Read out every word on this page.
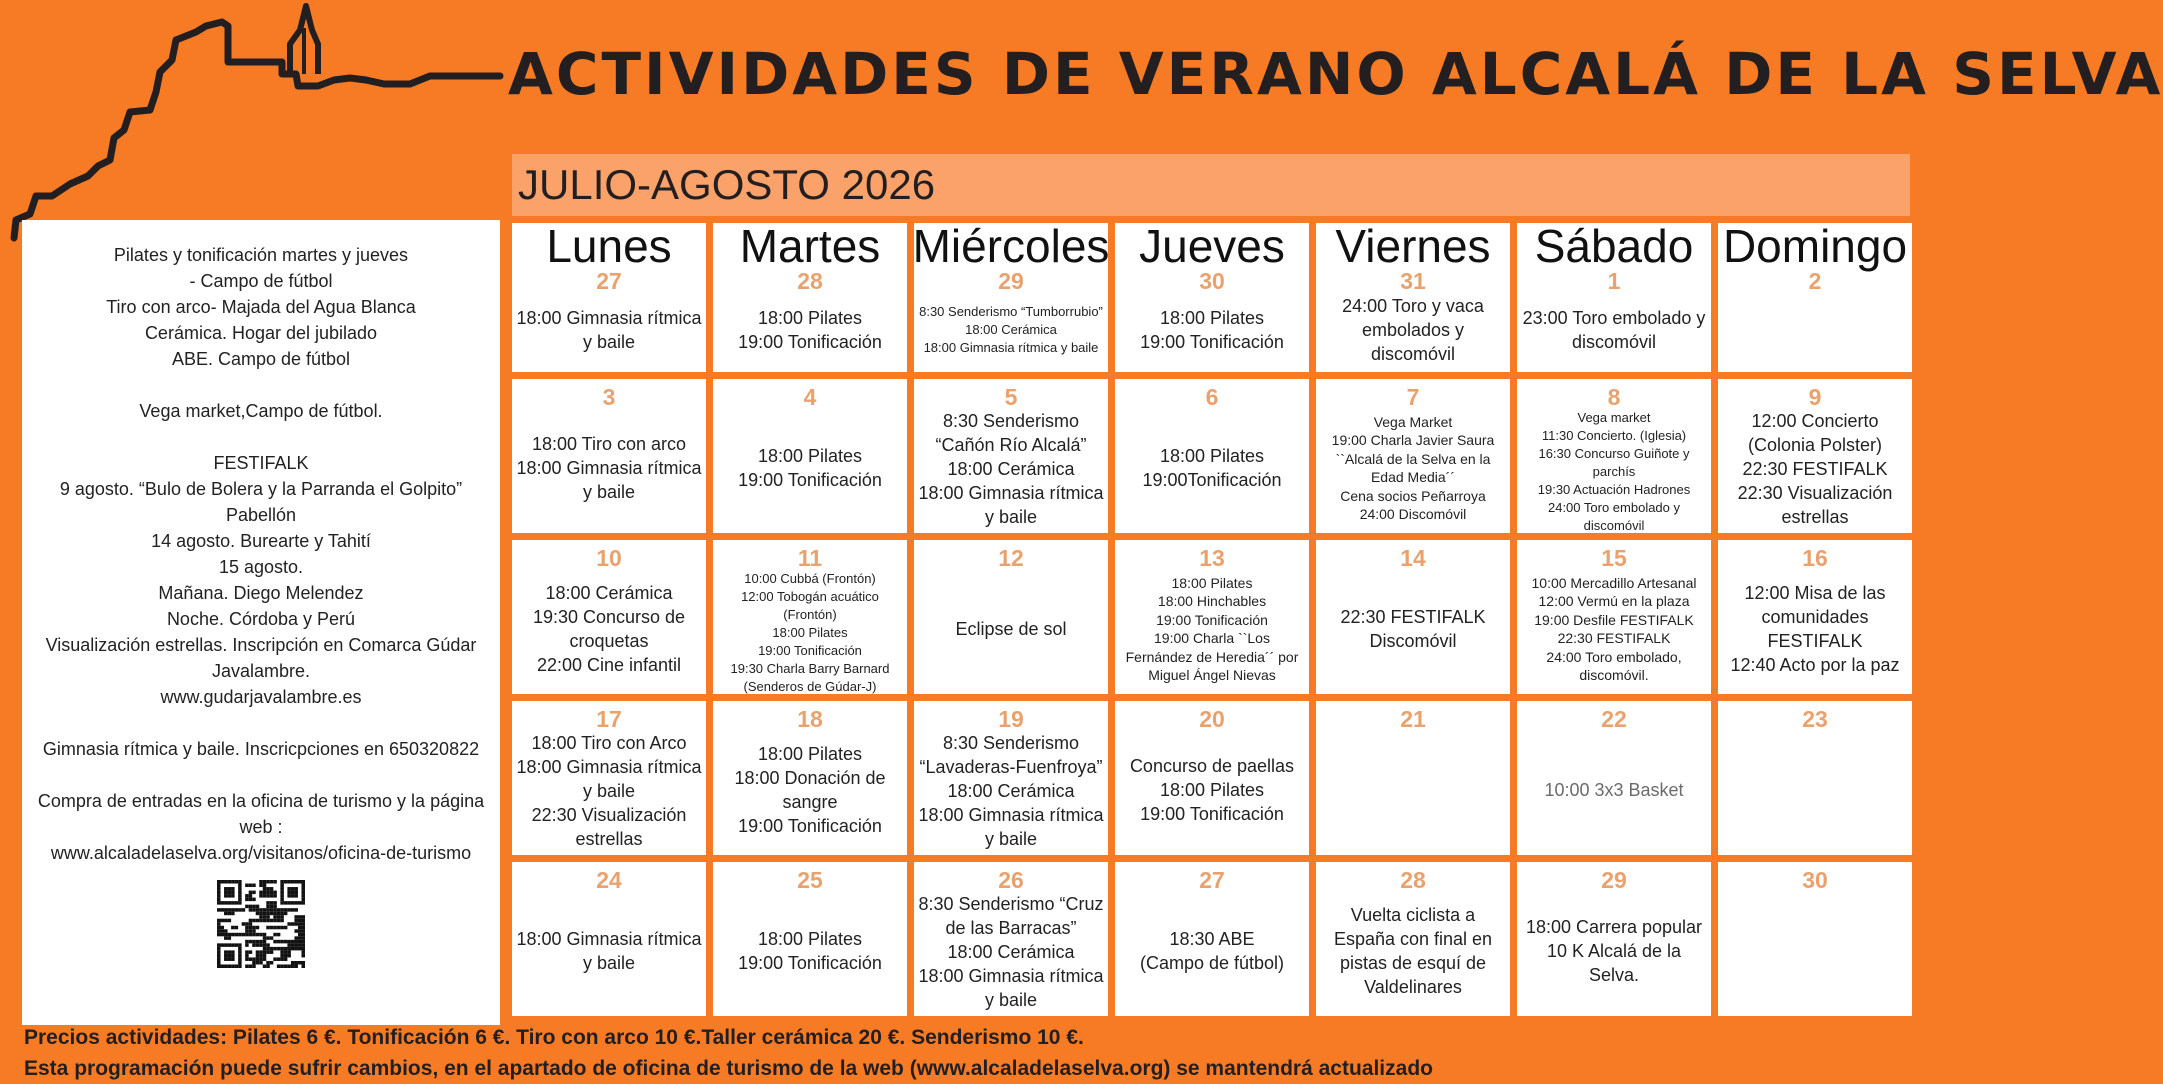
ACTIVIDADES DE VERANO ALCALÁ DE LA SELVA
JULIO-AGOSTO 2026

Pilates y tonificación martes y jueves

- Campo de fútbol

Tiro con arco- Majada del Agua Blanca

Cerámica. Hogar del jubilado

ABE. Campo de fútbol

Vega market,Campo de fútbol.

FESTIFALK

9 agosto. “Bulo de Bolera y la Parranda el Golpito” Pabellón

14 agosto. Burearte y Tahití

15 agosto.

Mañana. Diego Melendez

Noche. Córdoba y Perú

Visualización estrellas. Inscripción en Comarca Gúdar Javalambre.

www.gudarjavalambre.es

Gimnasia rítmica y baile. Inscricpciones en 650320822

Compra de entradas en la oficina de turismo y la página web :

www.alcaladelaselva.org/visitanos/oficina-de-turismo

Lunes
27

18:00 Gimnasia rítmica y baile

Martes
28

18:00 Pilates

19:00 Tonificación

Miércoles
29

8:30 Senderismo “Tumborrubio”

18:00 Cerámica

18:00 Gimnasia rítmica y baile

Jueves
30

18:00 Pilates

19:00 Tonificación

Viernes
31

24:00 Toro y vaca embolados y discomóvil

Sábado
1

23:00 Toro embolado y discomóvil

Domingo
2
3

18:00 Tiro con arco

18:00 Gimnasia rítmica y baile

4

18:00 Pilates

19:00 Tonificación

5

8:30 Senderismo “Cañón Río Alcalá”

18:00 Cerámica

18:00 Gimnasia rítmica y baile

6

18:00 Pilates

19:00Tonificación

7

Vega Market

19:00 Charla Javier Saura ``Alcalá de la Selva en la Edad Media´´

Cena socios Peñarroya

24:00 Discomóvil

8

Vega market

11:30 Concierto. (Iglesia)

16:30 Concurso Guiñote y parchís

19:30 Actuación Hadrones

24:00 Toro embolado y discomóvil

9

12:00 Concierto (Colonia Polster)

22:30 FESTIFALK

22:30 Visualización estrellas

10

18:00 Cerámica

19:30 Concurso de croquetas

22:00 Cine infantil

11

10:00 Cubbá (Frontón)

12:00 Tobogán acuático (Frontón)

18:00 Pilates

19:00 Tonificación

19:30 Charla Barry Barnard (Senderos de Gúdar-J)

12

Eclipse de sol

13

18:00 Pilates

18:00 Hinchables

19:00 Tonificación

19:00 Charla ``Los Fernández de Heredia´´ por Miguel Ángel Nievas

14

22:30 FESTIFALK

Discomóvil

15

10:00 Mercadillo Artesanal

12:00 Vermú en la plaza

19:00 Desfile FESTIFALK

22:30 FESTIFALK

24:00 Toro embolado, discomóvil.

16

12:00 Misa de las comunidades

FESTIFALK

12:40 Acto por la paz

17

18:00 Tiro con Arco

18:00 Gimnasia rítmica y baile

22:30 Visualización estrellas

18

18:00 Pilates

18:00 Donación de sangre

19:00 Tonificación

19

8:30 Senderismo “Lavaderas-Fuenfroya”

18:00 Cerámica

18:00 Gimnasia rítmica y baile

20

Concurso de paellas

18:00 Pilates

19:00 Tonificación

21	22

10:00 3x3 Basket

23
24

18:00 Gimnasia rítmica y baile

25

18:00 Pilates

19:00 Tonificación

26

8:30 Senderismo “Cruz de las Barracas”

18:00 Cerámica

18:00 Gimnasia rítmica y baile

27

18:30 ABE

(Campo de fútbol)

28

Vuelta ciclista a España con final en pistas de esquí de Valdelinares

29

18:00 Carrera popular 10 K Alcalá de la Selva.

30

Precios actividades: Pilates 6 €. Tonificación 6 €. Tiro con arco 10 €.Taller cerámica 20 €. Senderismo 10 €.

Esta programación puede sufrir cambios, en el apartado de oficina de turismo de la web (www.alcaladelaselva.org) se mantendrá actualizado
